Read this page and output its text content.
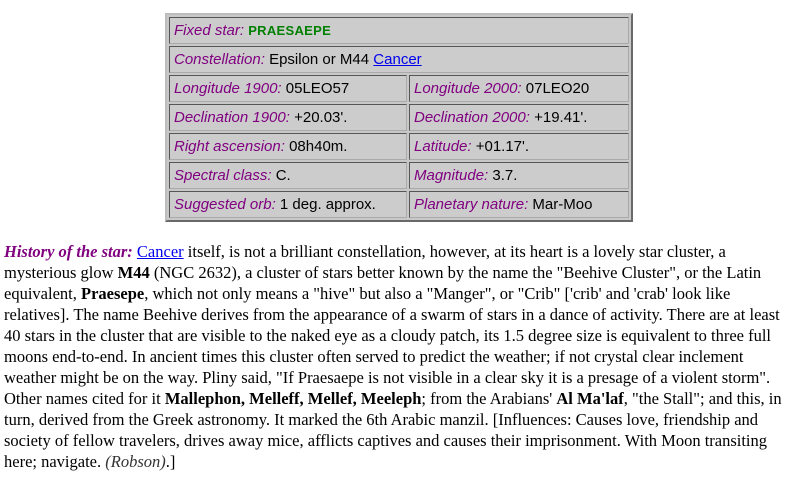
Fixed star: PRAESAEPE	
Constellation: Epsilon or M44 Cancer	
Longitude 1900: 05LEO57	Longitude 2000: 07LEO20
Declination 1900: +20.03'.	Declination 2000: +19.41'.
Right ascension: 08h40m.	Latitude: +01.17'.
Spectral class: C.	Magnitude: 3.7.
Suggested orb: 1 deg. approx.	Planetary nature: Mar-Moo

History of the star: Cancer itself, is not a brilliant constellation, however, at its heart is a lovely star cluster, a mysterious glow M44 (NGC 2632), a cluster of stars better known by the name the "Beehive Cluster", or the Latin equivalent, Praesepe, which not only means a "hive" but also a "Manger", or "Crib" ['crib' and 'crab' look like relatives]. The name Beehive derives from the appearance of a swarm of stars in a dance of activity. There are at least 40 stars in the cluster that are visible to the naked eye as a cloudy patch, its 1.5 degree size is equivalent to three full moons end-to-end. In ancient times this cluster often served to predict the weather; if not crystal clear inclement weather might be on the way. Pliny said, "If Praesaepe is not visible in a clear sky it is a presage of a violent storm".

Other names cited for it Mallephon, Melleff, Mellef, Meeleph; from the Arabians' Al Ma'laf, "the Stall"; and this, in turn, derived from the Greek astronomy. It marked the 6th Arabic manzil. [Influences: Causes love, friendship and society of fellow travelers, drives away mice, afflicts captives and causes their imprisonment. With Moon transiting here; navigate. (Robson).]
